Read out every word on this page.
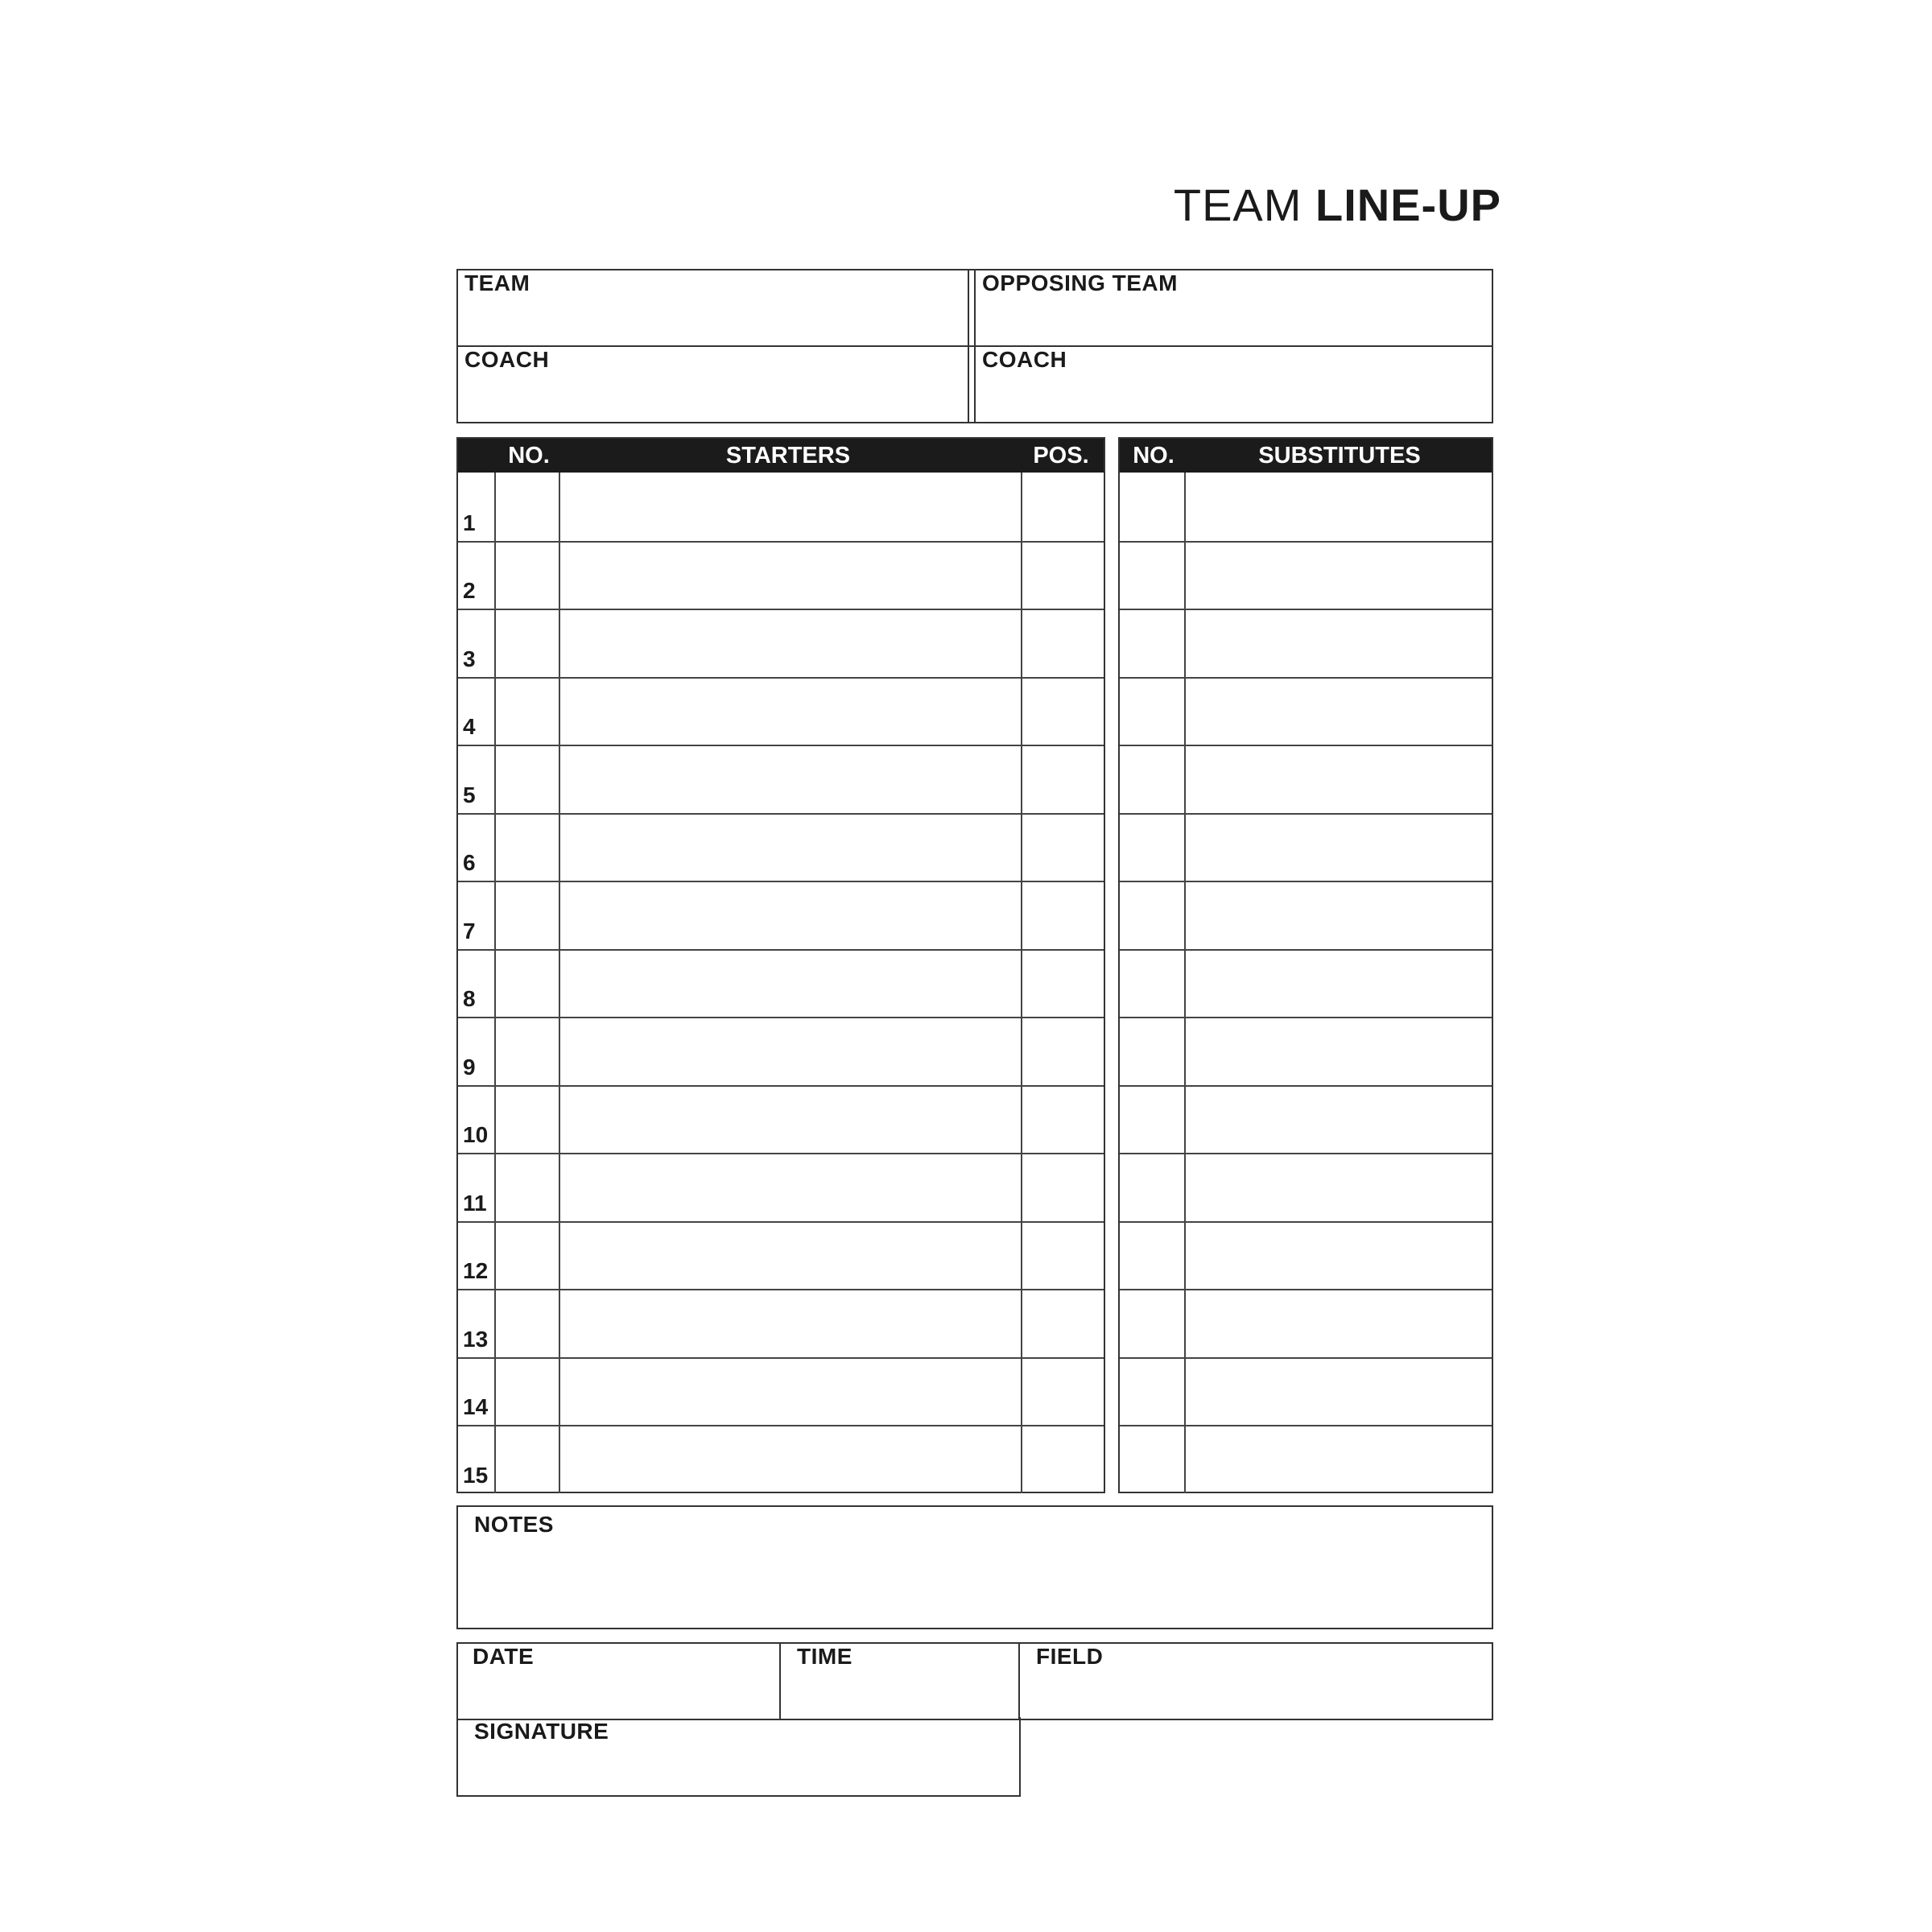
TEAM LINE-UP
TEAM	OPPOSING TEAM
COACH	COACH
NO.	STARTERS	POS.
1
2
3
4
5
6
7
8
9
10
11
12
13
14
15
NO.	SUBSTITUTES
NOTES
DATE	TIME	FIELD
SIGNATURE
